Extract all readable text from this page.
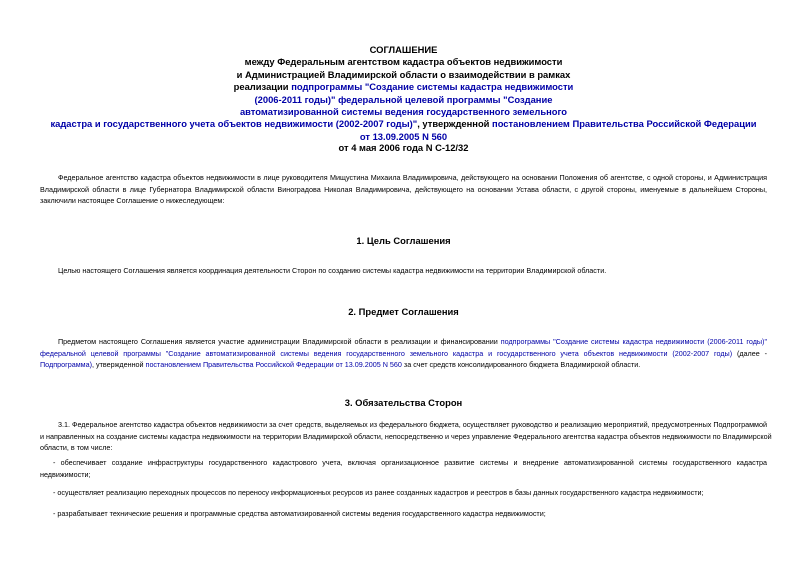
СОГЛАШЕНИЕ
между Федеральным агентством кадастра объектов недвижимости
и Администрацией Владимирской области о взаимодействии в рамках
реализации подпрограммы "Создание системы кадастра недвижимости
(2006-2011 годы)" федеральной целевой программы "Создание
автоматизированной системы ведения государственного земельного
кадастра и государственного учета объектов недвижимости (2002-2007 годы)", утвержденной постановлением Правительства Российской Федерации
от 13.09.2005 N 560
от 4 мая 2006 года N С-12/32
Федеральное агентство кадастра объектов недвижимости в лице руководителя Мищустина Михаила Владимировича, действующего на основании Положения об агентстве, с одной стороны, и Администрация
Владимирской области в лице Губернатора Владимирской области Виноградова Николая Владимировича, действующего на основании Устава области, с другой стороны, именуемые в дальнейшем Стороны,
заключили настоящее Соглашение о нижеследующем:
1. Цель Соглашения
Целью настоящего Соглашения является координация деятельности Сторон по созданию системы кадастра недвижимости на территории Владимирской области.
2. Предмет Соглашения
Предметом настоящего Соглашения является участие администрации Владимирской области в реализации и финансировании подпрограммы "Создание системы кадастра недвижимости (2006-2011 годы)"
федеральной целевой программы "Создание автоматизированной системы ведения государственного земельного кадастра и государственного учета объектов недвижимости (2002-2007 годы) (далее -
Подпрограмма), утвержденной постановлением Правительства Российской Федерации от 13.09.2005 N 560 за счет средств консолидированного бюджета Владимирской области.
3. Обязательства Сторон
3.1. Федеральное агентство кадастра объектов недвижимости за счет средств, выделяемых из федерального бюджета, осуществляет руководство и реализацию мероприятий, предусмотренных Подпрограммой
и направленных на создание системы кадастра недвижимости на территории Владимирской области, непосредственно и через управление Федерального агентства кадастра объектов недвижимости по Владимирской
области, в том числе:
- обеспечивает создание инфраструктуры государственного кадастрового учета, включая организационное развитие системы и внедрение автоматизированной системы государственного кадастра
недвижимости;
- осуществляет реализацию переходных процессов по переносу информационных ресурсов из ранее созданных кадастров и реестров в базы данных государственного кадастра недвижимости;
- разрабатывает технические решения и программные средства автоматизированной системы ведения государственного кадастра недвижимости;
